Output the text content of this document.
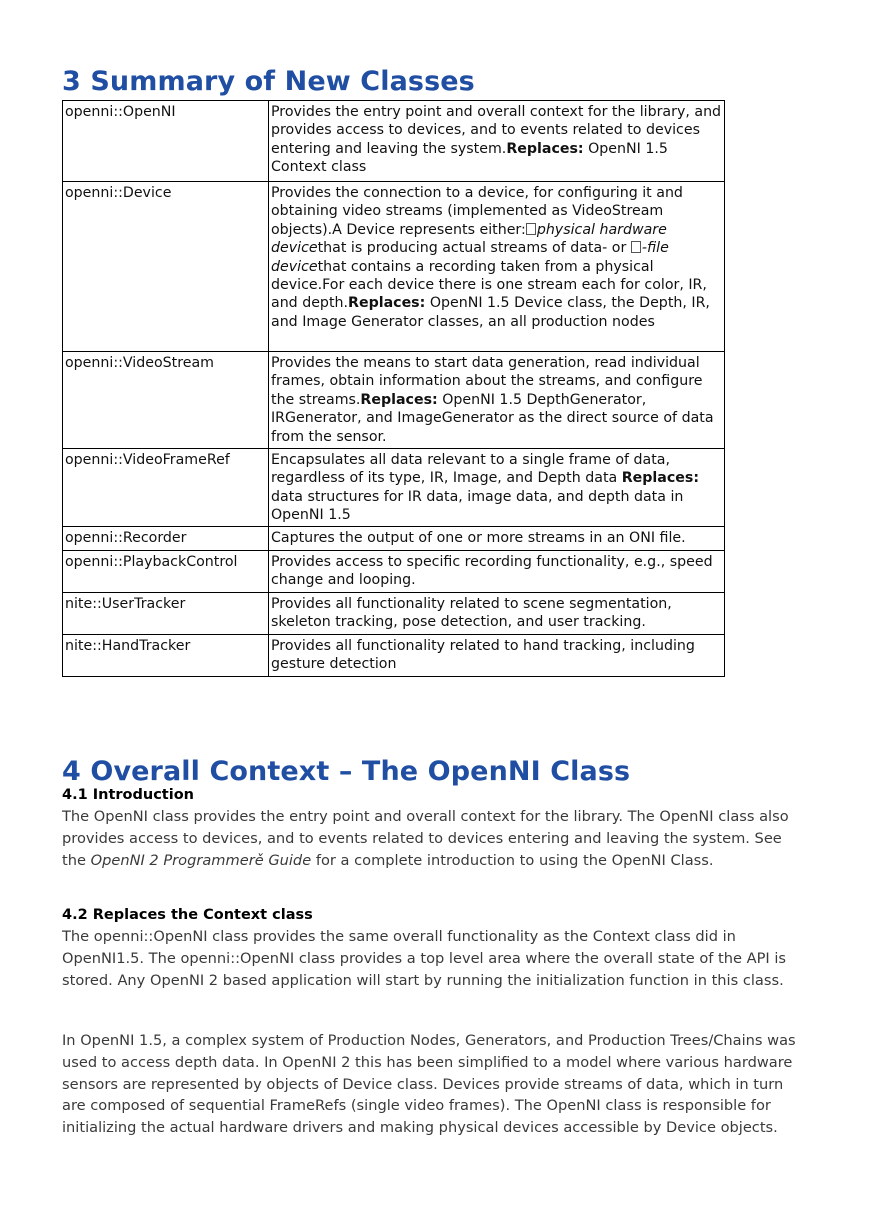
3 Summary of New Classes
openni::OpenNI	Provides the entry point and overall context for the library, and provides access to devices, and to events related to devices entering and leaving the system.Replaces: OpenNI 1.5 Context class
openni::Device	Provides the connection to a device, for configuring it and obtaining video streams (implemented as VideoStream objects).A Device represents either: physical hardware devicethat is producing actual streams of data- or -file devicethat contains a recording taken from a physical device.For each device there is one stream each for color, IR, and depth.Replaces: OpenNI 1.5 Device class, the Depth, IR, and Image Generator classes, an all production nodes
openni::VideoStream	Provides the means to start data generation, read individual frames, obtain information about the streams, and configure the streams.Replaces: OpenNI 1.5 DepthGenerator, IRGenerator, and ImageGenerator as the direct source of data from the sensor.
openni::VideoFrameRef	Encapsulates all data relevant to a single frame of data, regardless of its type, IR, Image, and Depth data Replaces: data structures for IR data, image data, and depth data in OpenNI 1.5
openni::Recorder	Captures the output of one or more streams in an ONI file.
openni::PlaybackControl	Provides access to specific recording functionality, e.g., speed change and looping.
nite::UserTracker	Provides all functionality related to scene segmentation, skeleton tracking, pose detection, and user tracking.
nite::HandTracker	Provides all functionality related to hand tracking, including gesture detection
4 Overall Context – The OpenNI Class
4.1 Introduction

The OpenNI class provides the entry point and overall context for the library. The OpenNI class also provides access to devices, and to events related to devices entering and leaving the system. See the OpenNI 2 Programmerě Guide for a complete introduction to using the OpenNI Class.

4.2 Replaces the Context class

The openni::OpenNI class provides the same overall functionality as the Context class did in OpenNI1.5. The openni::OpenNI class provides a top level area where the overall state of the API is stored. Any OpenNI 2 based application will start by running the initialization function in this class.

In OpenNI 1.5, a complex system of Production Nodes, Generators, and Production Trees/Chains was used to access depth data. In OpenNI 2 this has been simplified to a model where various hardware sensors are represented by objects of Device class. Devices provide streams of data, which in turn are composed of sequential FrameRefs (single video frames). The OpenNI class is responsible for initializing the actual hardware drivers and making physical devices accessible by Device objects.
